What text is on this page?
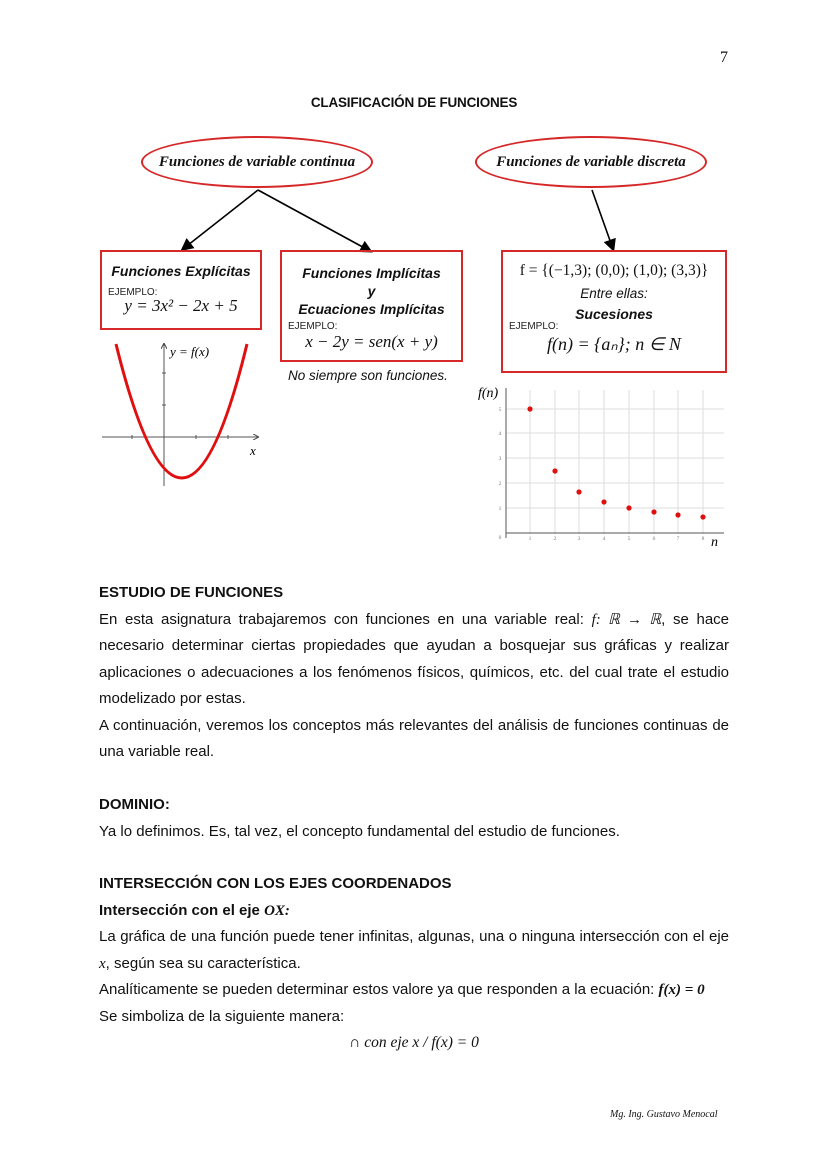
7
CLASIFICACIÓN DE FUNCIONES
Funciones de variable continua	Funciones de variable discreta
Funciones Explícitas
EJEMPLO:
y = 3x² − 2x + 5
Funciones Implícitas
y
Ecuaciones Implícitas
EJEMPLO:
x − 2y = sen(x + y)
No siempre son funciones.
f = {(−1,3); (0,0); (1,0); (3,3)}
Entre ellas:
Sucesiones
EJEMPLO:
f(n) = {aₙ}; n ∈ N
y = f(x)
x
0	1	2	3	4	5	6	7	8
1
2
3
4
5
f(n)
n
ESTUDIO DE FUNCIONES
En esta asignatura trabajaremos con funciones en una variable real: f: ℝ → ℝ, se hace necesario determinar ciertas propiedades que ayudan a bosquejar sus gráficas y realizar aplicaciones o adecuaciones a los fenómenos físicos, químicos, etc. del cual trate el estudio modelizado por estas.
A continuación, veremos los conceptos más relevantes del análisis de funciones continuas de una variable real.
DOMINIO:
Ya lo definimos. Es, tal vez, el concepto fundamental del estudio de funciones.
INTERSECCIÓN CON LOS EJES COORDENADOS
Intersección con el eje OX:
La gráfica de una función puede tener infinitas, algunas, una o ninguna intersección con el eje x, según sea su característica.
Analíticamente se pueden determinar estos valore ya que responden a la ecuación: f(x) = 0
Se simboliza de la siguiente manera:
∩ con eje x / f(x) = 0
Mg. Ing. Gustavo Menocal
